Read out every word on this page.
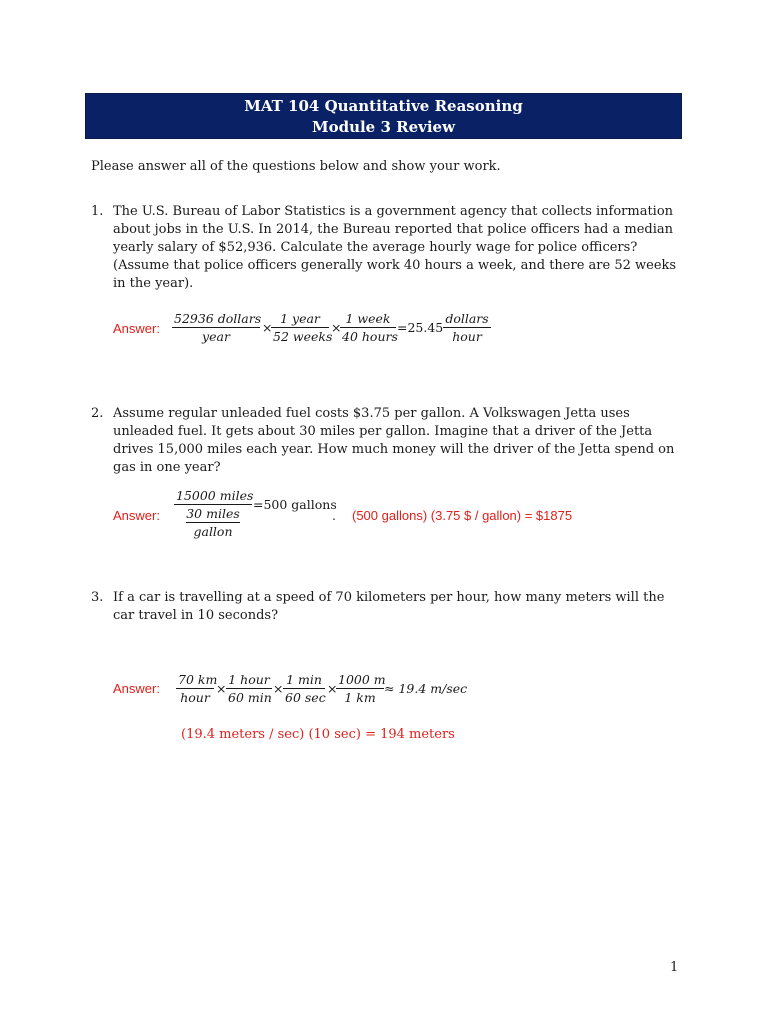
MAT 104 Quantitative Reasoning
Module 3 Review
Please answer all of the questions below and show your work.
1. The U.S. Bureau of Labor Statistics is a government agency that collects information about jobs in the U.S. In 2014, the Bureau reported that police officers had a median yearly salary of $52,936. Calculate the average hourly wage for police officers? (Assume that police officers generally work 40 hours a week, and there are 52 weeks in the year).
Answer:
52936 dollars
year
×
1 year
52 weeks
×
1 week
40 hours
=25.45
dollars
hour
2. Assume regular unleaded fuel costs $3.75 per gallon. A Volkswagen Jetta uses unleaded fuel. It gets about 30 miles per gallon. Imagine that a driver of the Jetta drives 15,000 miles each year. How much money will the driver of the Jetta spend on gas in one year?
Answer:
15000 miles
30 miles
gallon
=500 gallons
. (500 gallons) (3.75 $ / gallon) = $1875
3. If a car is travelling at a speed of 70 kilometers per hour, how many meters will the car travel in 10 seconds?
Answer:
70 km
hour
×
1 hour
60 min
×
1 min
60 sec
×
$\frac{1000 m}{1 km} \approx 19.4$ m/sec
(19.4 meters / sec) (10 sec) = 194 meters
1
